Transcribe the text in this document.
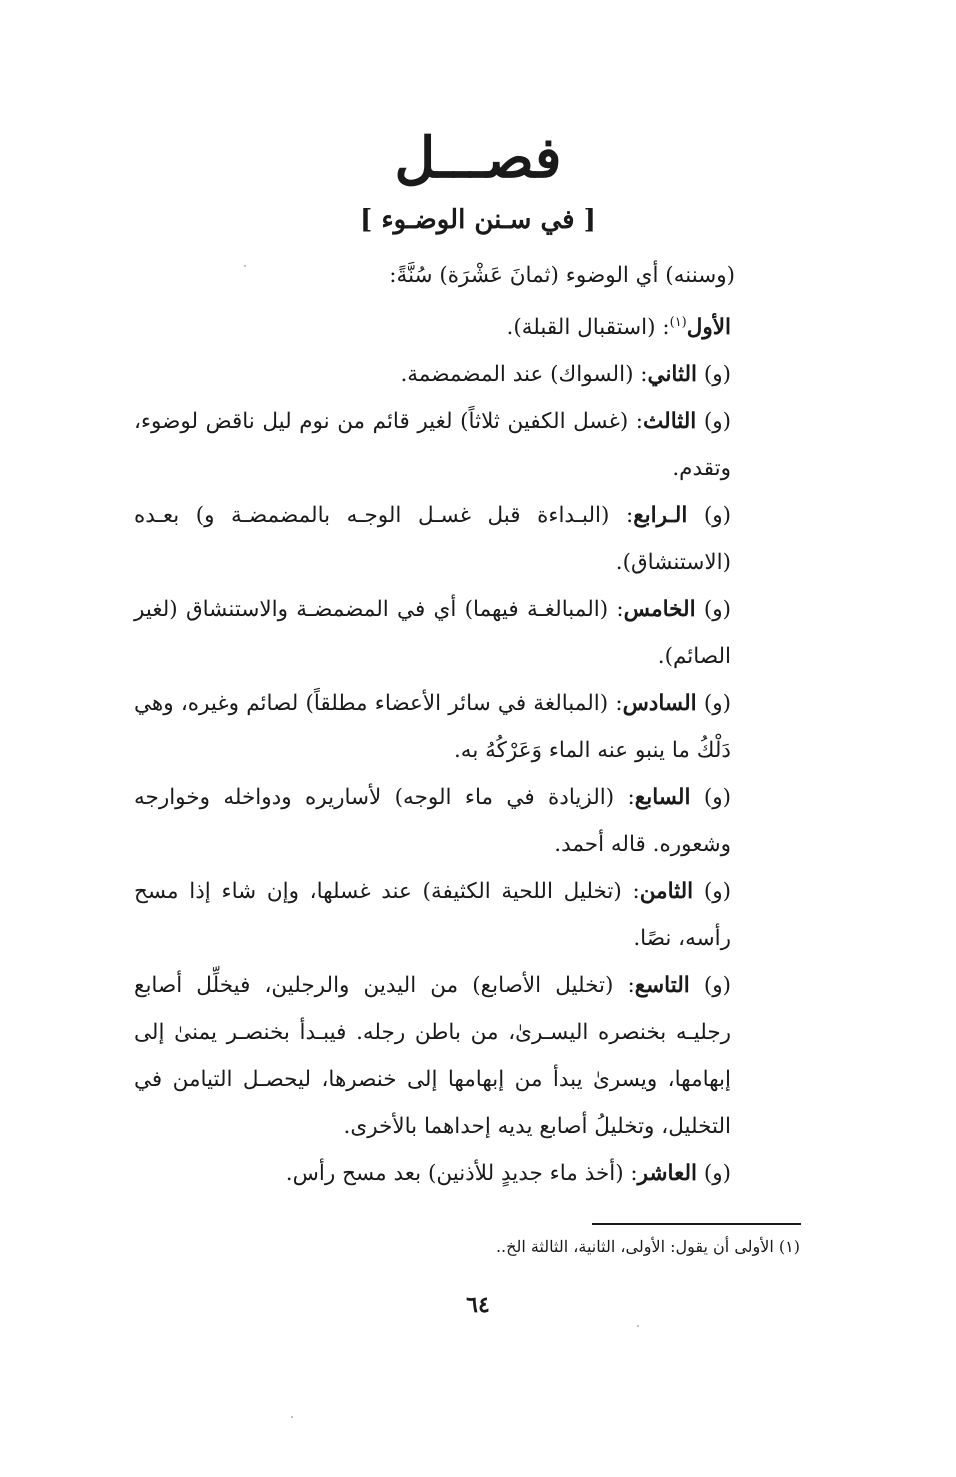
فصـــل
[ في سـنن الوضـوء ]

(وسننه) أي الوضوء (ثمانَ عَشْرَة) سُنَّةً:

الأول$^{(١)}$: (استقبال القبلة).

(و) الثاني: (السواك) عند المضمضمة.

(و) الثالث: (غسل الكفين ثلاثاً) لغير قائم من نوم ليل ناقض لوضوء، وتقدم.

(و) الـرابع: (البـداءة قبل غسـل الوجـه بالمضمضـة و) بعـده (الاستنشاق).

(و) الخامس: (المبالغـة فيهما) أي في المضمضـة والاستنشاق (لغير الصائم).

(و) السادس: (المبالغة في سائر الأعضاء مطلقاً) لصائم وغيره، وهي دَلْكُ ما ينبو عنه الماء وَعَرْكُهُ به.

(و) السابع: (الزيادة في ماء الوجه) لأساريره ودواخله وخوارجه وشعوره. قاله أحمد.

(و) الثامن: (تخليل اللحية الكثيفة) عند غسلها، وإن شاء إذا مسح رأسه، نصًا.

(و) التاسع: (تخليل الأصابع) من اليدين والرجلين، فيخلِّل أصابع رجليـه بخنصره اليسـرىٰ، من باطن رجله. فيبـدأ بخنصـر يمنىٰ إلى إبهامها، ويسرىٰ يبدأ من إبهامها إلى خنصرها، ليحصـل التيامن في التخليل، وتخليلُ أصابع يديه إحداهما بالأخرى.

(و) العاشر: (أخذ ماء جديدٍ للأذنين) بعد مسح رأس.

(١) الأولى أن يقول: الأولى، الثانية، الثالثة الخ..
٦٤
